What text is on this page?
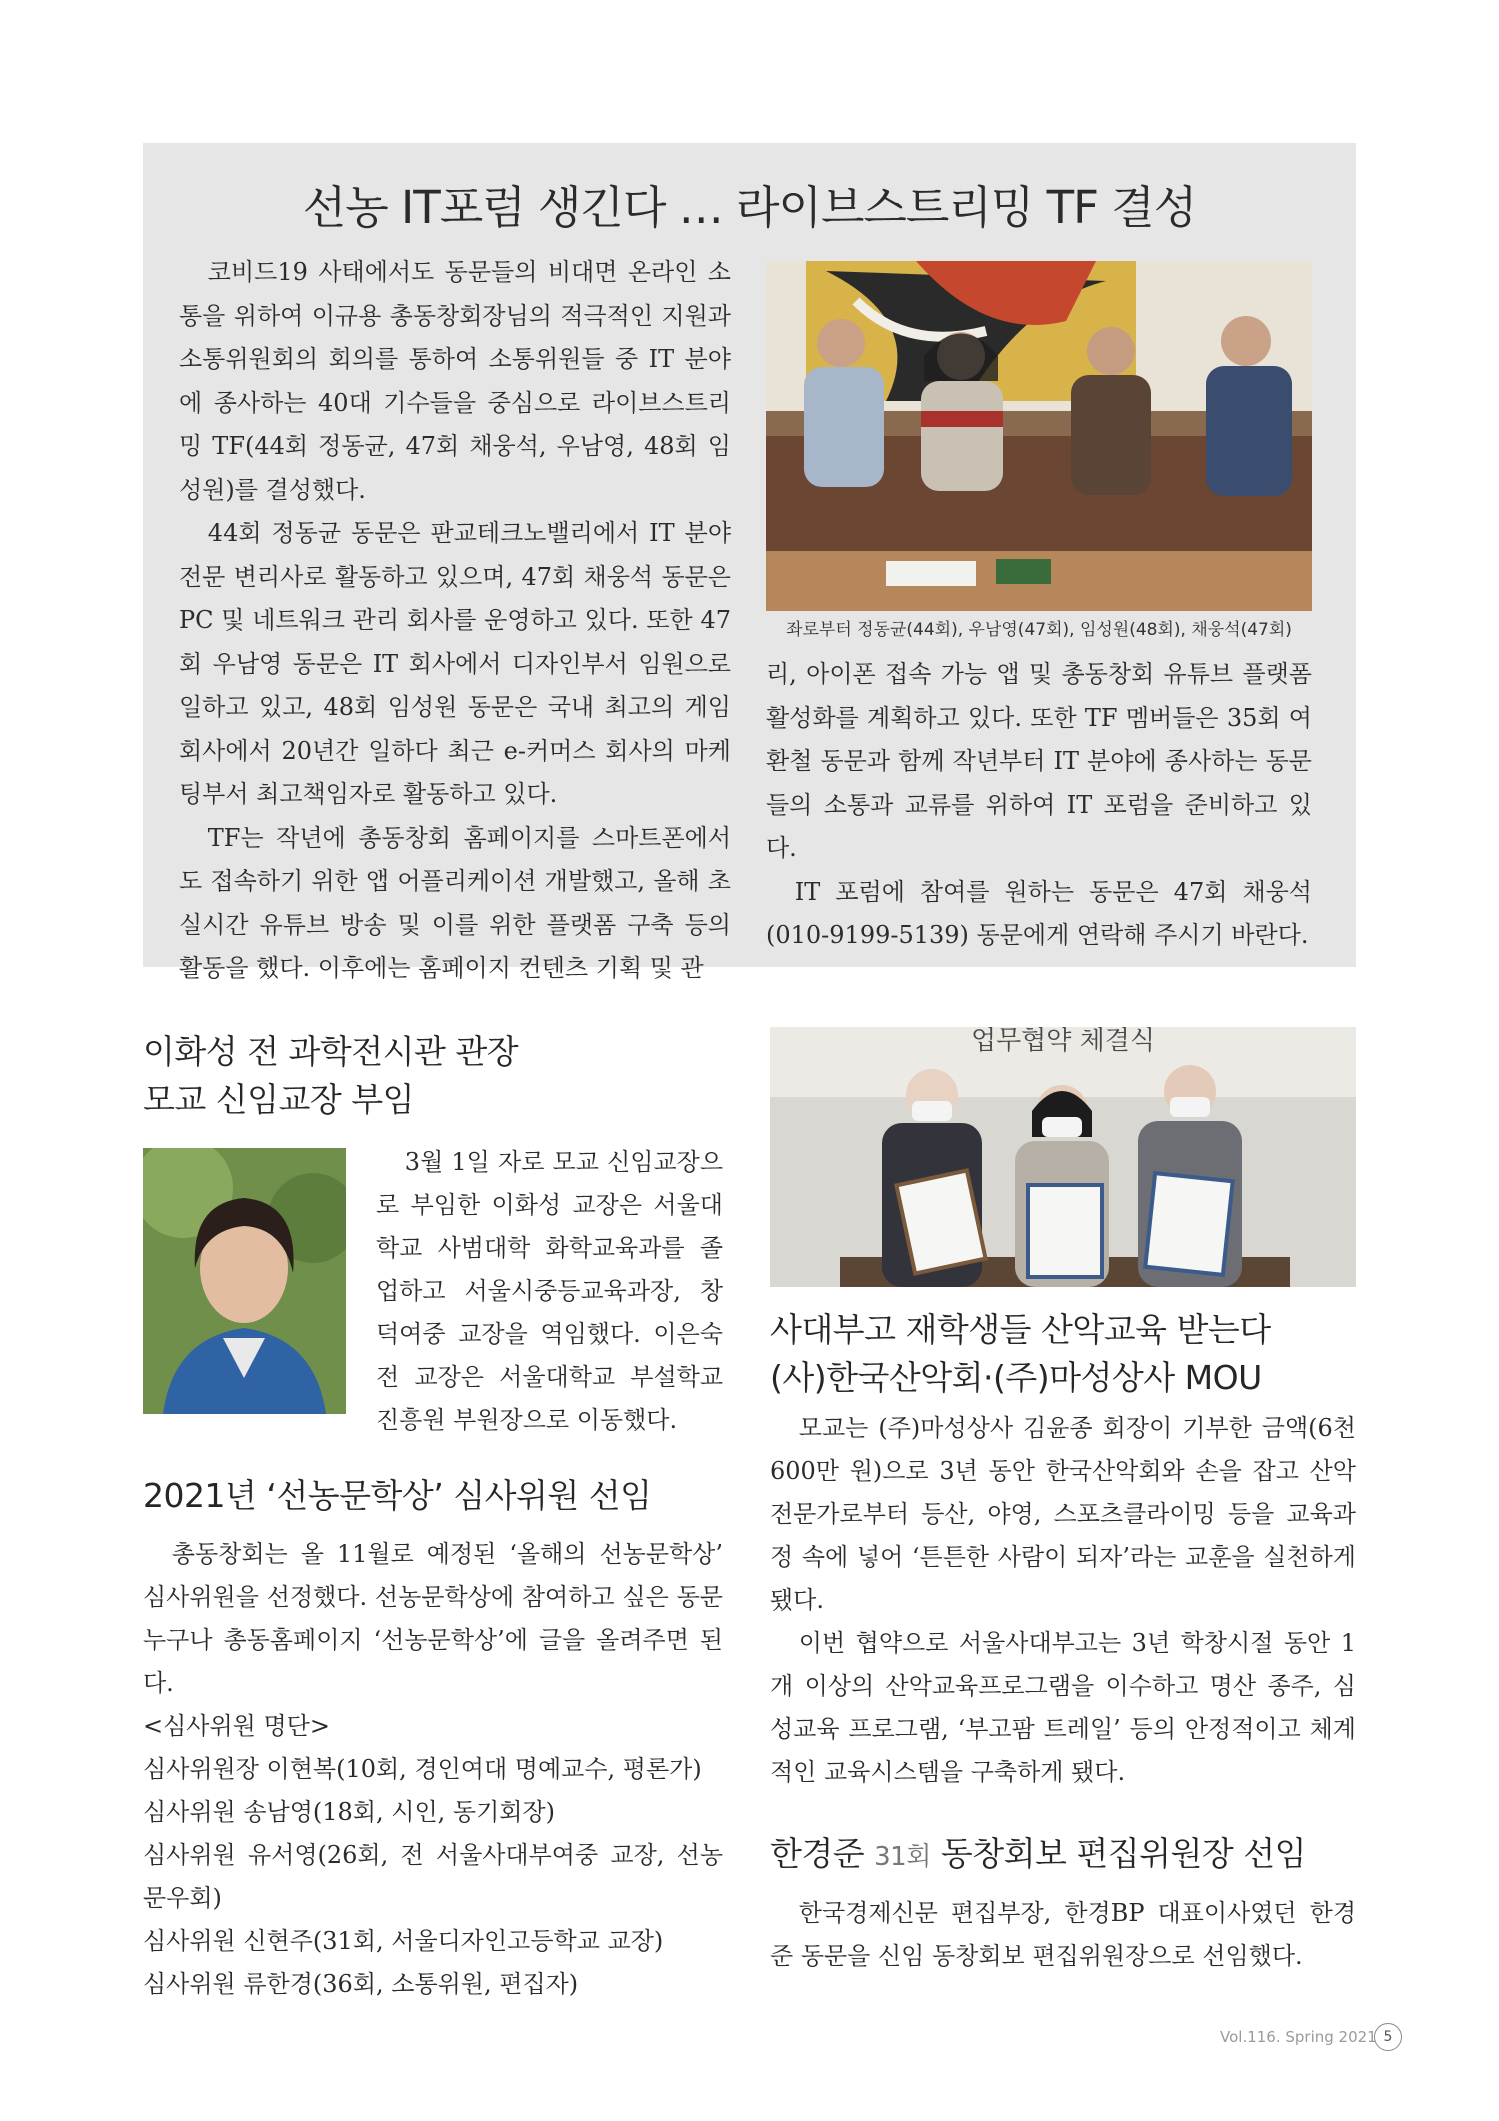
선농 IT포럼 생긴다 … 라이브스트리밍 TF 결성

코비드19 사태에서도 동문들의 비대면 온라인 소통을 위하여 이규용 총동창회장님의 적극적인 지원과 소통위원회의 회의를 통하여 소통위원들 중 IT 분야에 종사하는 40대 기수들을 중심으로 라이브스트리밍 TF(44회 정동균, 47회 채웅석, 우남영, 48회 임성원)를 결성했다.

44회 정동균 동문은 판교테크노밸리에서 IT 분야 전문 변리사로 활동하고 있으며, 47회 채웅석 동문은 PC 및 네트워크 관리 회사를 운영하고 있다. 또한 47회 우남영 동문은 IT 회사에서 디자인부서 임원으로 일하고 있고, 48회 임성원 동문은 국내 최고의 게임회사에서 20년간 일하다 최근 e-커머스 회사의 마케팅부서 최고책임자로 활동하고 있다.

TF는 작년에 총동창회 홈페이지를 스마트폰에서도 접속하기 위한 앱 어플리케이션 개발했고, 올해 초 실시간 유튜브 방송 및 이를 위한 플랫폼 구축 등의 활동을 했다. 이후에는 홈페이지 컨텐츠 기획 및 관

좌로부터 정동균(44회), 우남영(47회), 임성원(48회), 채웅석(47회)

리, 아이폰 접속 가능 앱 및 총동창회 유튜브 플랫폼 활성화를 계획하고 있다. 또한 TF 멤버들은 35회 여환철 동문과 함께 작년부터 IT 분야에 종사하는 동문들의 소통과 교류를 위하여 IT 포럼을 준비하고 있다.

IT 포럼에 참여를 원하는 동문은 47회 채웅석(010-9199-5139) 동문에게 연락해 주시기 바란다.

이화성 전 과학전시관 관장
모교 신임교장 부임

3월 1일 자로 모교 신임교장으로 부임한 이화성 교장은 서울대학교 사범대학 화학교육과를 졸업하고 서울시중등교육과장, 창덕여중 교장을 역임했다. 이은숙 전 교장은 서울대학교 부설학교 진흥원 부원장으로 이동했다.

2021년 ‘선농문학상’ 심사위원 선임

총동창회는 올 11월로 예정된 ‘올해의 선농문학상’ 심사위원을 선정했다. 선농문학상에 참여하고 싶은 동문 누구나 총동홈페이지 ‘선농문학상’에 글을 올려주면 된다.

<심사위원 명단>

심사위원장 이현복(10회, 경인여대 명예교수, 평론가)

심사위원 송남영(18회, 시인, 동기회장)

심사위원 유서영(26회, 전 서울사대부여중 교장, 선농문우회)

심사위원 신현주(31회, 서울디자인고등학교 교장)

심사위원 류한경(36회, 소통위원, 편집자)

업무협약 체결식
사대부고 재학생들 산악교육 받는다
(사)한국산악회·(주)마성상사 MOU

모교는 (주)마성상사 김윤종 회장이 기부한 금액(6천600만 원)으로 3년 동안 한국산악회와 손을 잡고 산악 전문가로부터 등산, 야영, 스포츠클라이밍 등을 교육과정 속에 넣어 ‘튼튼한 사람이 되자’라는 교훈을 실천하게 됐다.

이번 협약으로 서울사대부고는 3년 학창시절 동안 1개 이상의 산악교육프로그램을 이수하고 명산 종주, 심성교육 프로그램, ‘부고팜 트레일’ 등의 안정적이고 체계적인 교육시스템을 구축하게 됐다.

한경준 31회 동창회보 편집위원장 선임

한국경제신문 편집부장, 한경BP 대표이사였던 한경준 동문을 신임 동창회보 편집위원장으로 선임했다.

Vol.116. Spring 2021 5
